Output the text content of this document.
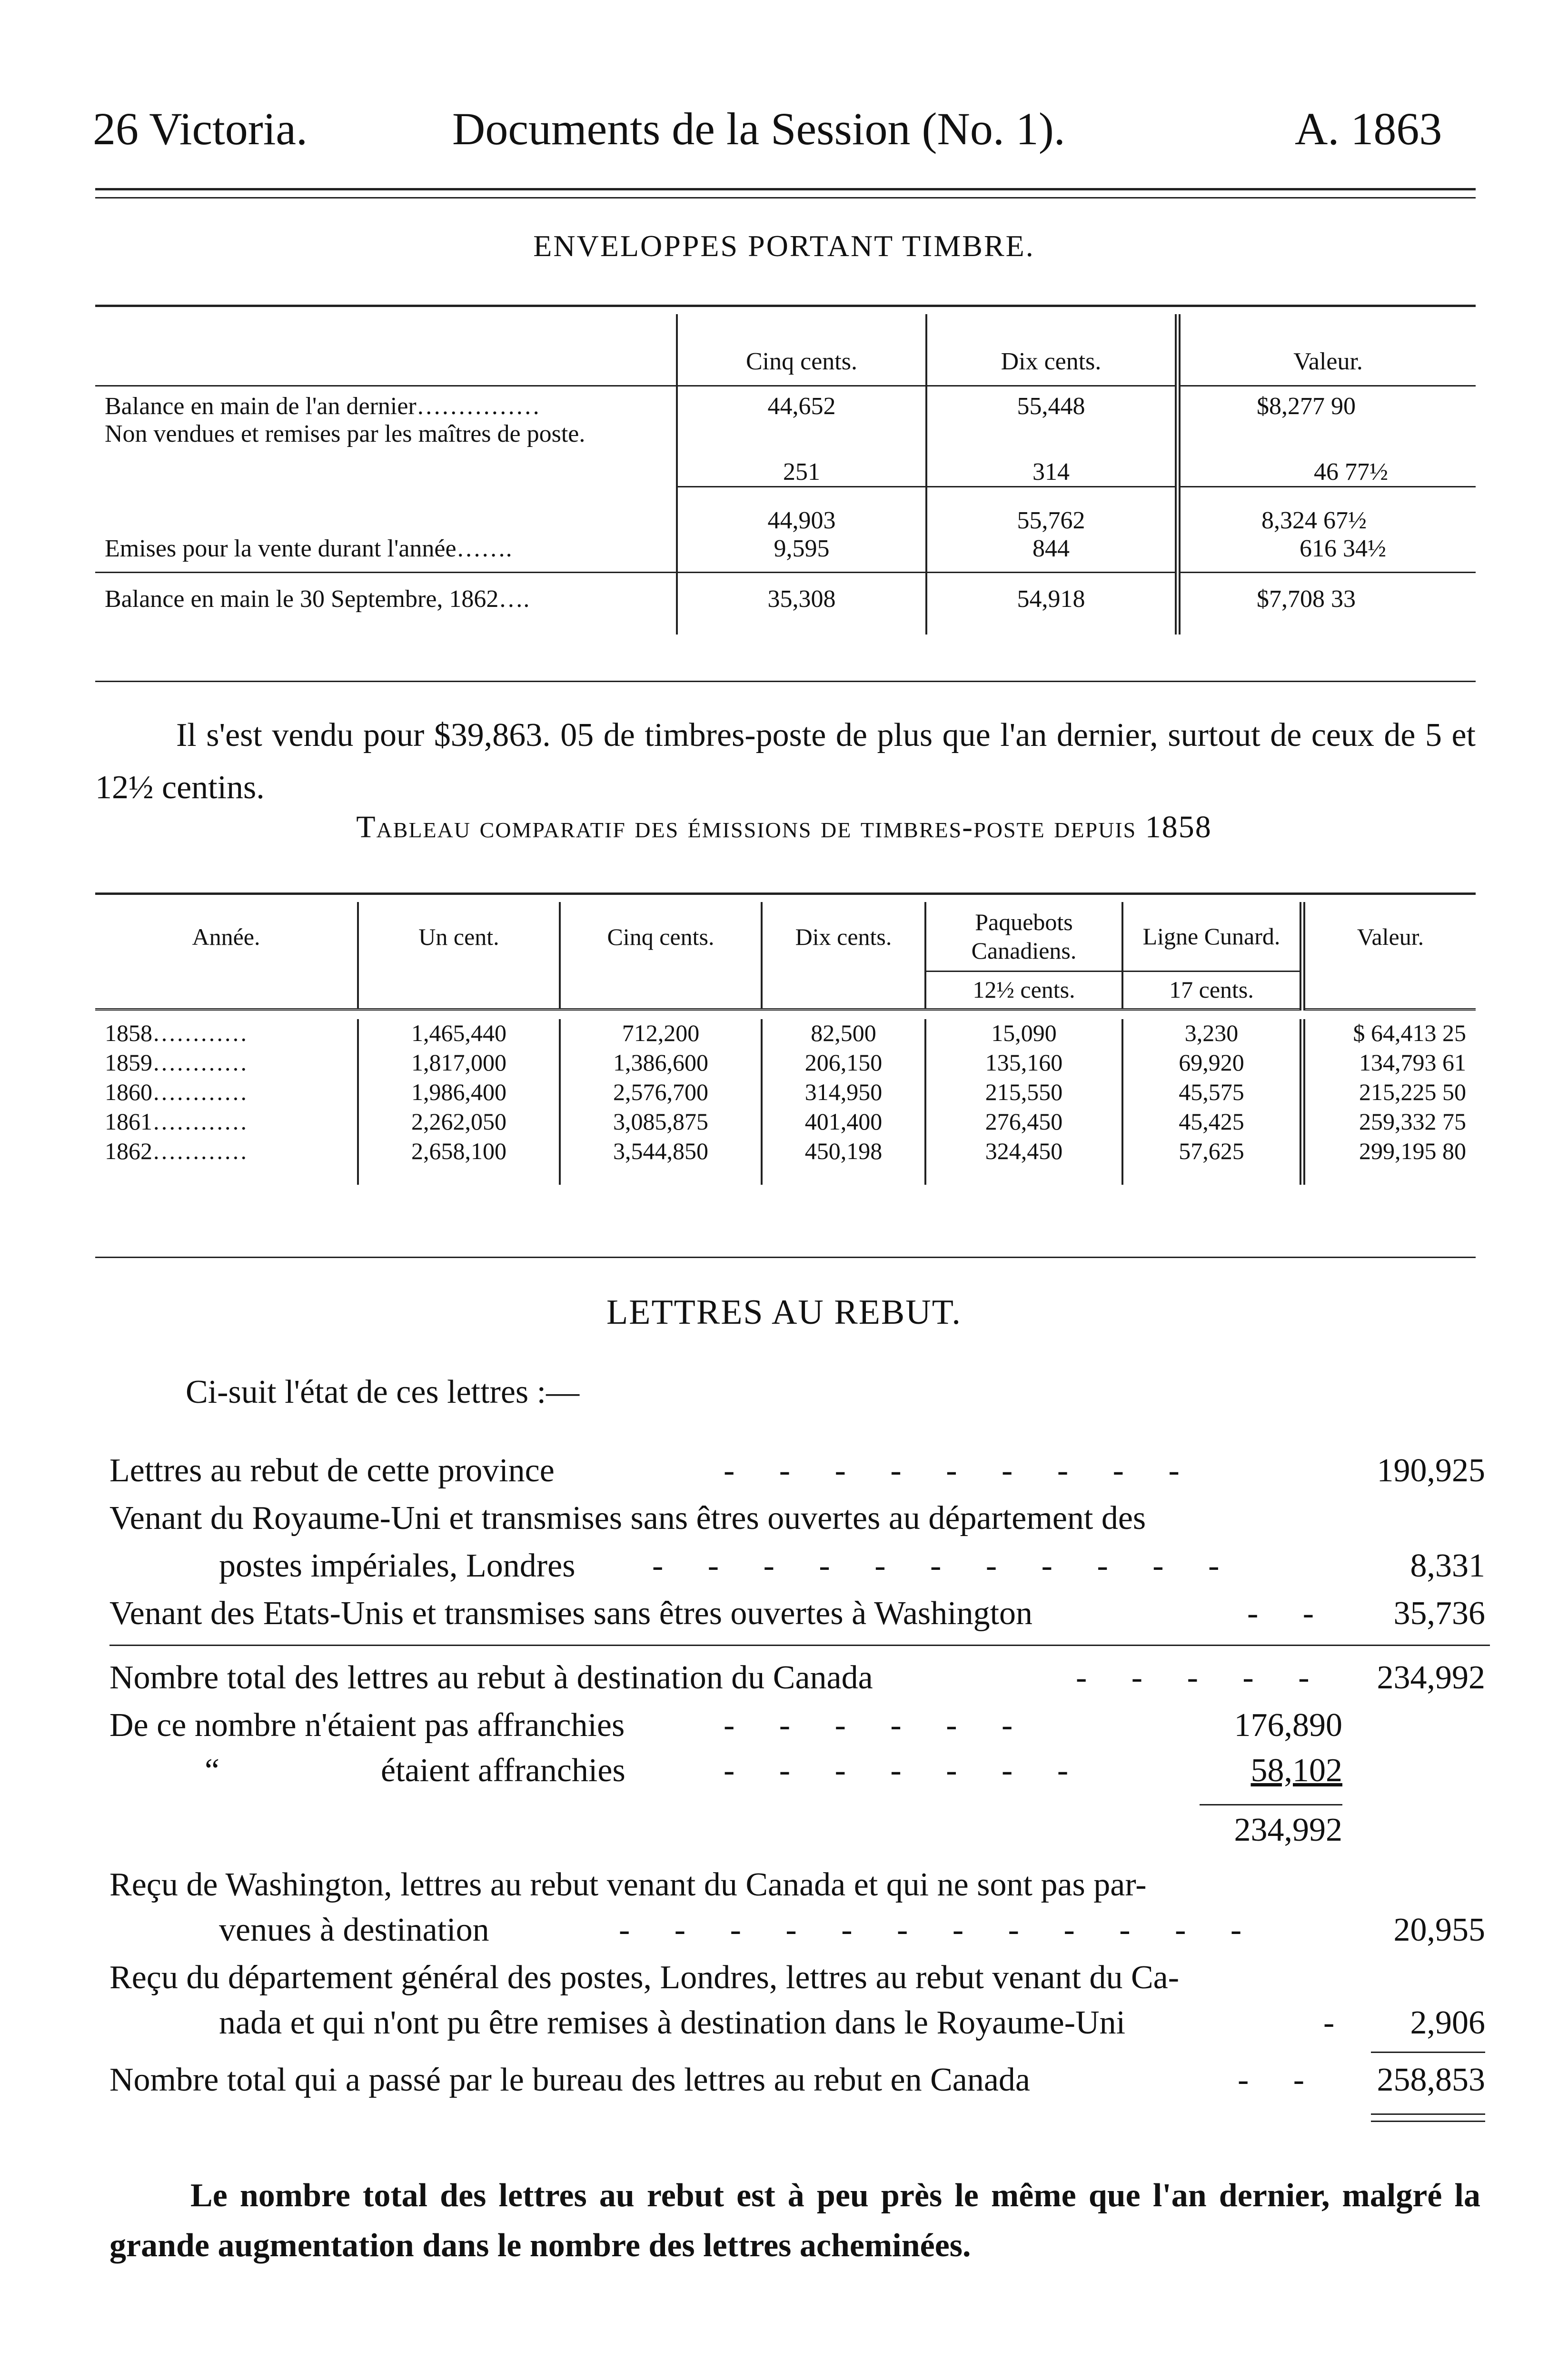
26 Victoria.	Documents de la Session (No. 1).	A. 1863
ENVELOPPES PORTANT TIMBRE.
	Cinq cents.	Dix cents.	Valeur.
Balance en main de l'an dernier……………	44,652	55,448	$8,277 90
Non vendues et remises par les maîtres de poste.	251	314	46 77½
	44,903	55,762	8,324 67½
Emises pour la vente durant l'année…….	9,595	844	616 34½
Balance en main le 30 Septembre, 1862….	35,308	54,918	$7,708 33
Il s'est vendu pour $39,863. 05 de timbres-poste de plus que l'an dernier, surtout de ceux de 5 et 12½ centins.
Tableau comparatif des émissions de timbres-poste depuis 1858
Année.	Un cent.	Cinq cents.	Dix cents.	Paquebots Canadiens.	Ligne Cunard.	Valeur.
				12½ cents.	17 cents.	

1858…………	1,465,440	712,200	82,500	15,090	3,230	$ 64,413 25
1859…………	1,817,000	1,386,600	206,150	135,160	69,920	134,793 61
1860…………	1,986,400	2,576,700	314,950	215,550	45,575	215,225 50
1861…………	2,262,050	3,085,875	401,400	276,450	45,425	259,332 75
1862…………	2,658,100	3,544,850	450,198	324,450	57,625	299,195 80
LETTRES AU REBUT.
Ci-suit l'état de ces lettres :—
Lettres au rebut de cette province	- - - - - - - - -	190,925
Venant du Royaume-Uni et transmises sans êtres ouvertes au département des
postes impériales, Londres - - - - - - - - - - -	8,331
Venant des Etats-Unis et transmises sans êtres ouvertes à Washington	- -	35,736
Nombre total des lettres au rebut à destination du Canada	- - - - -	234,992
De ce nombre n'étaient pas affranchies	- - - - - -	176,890
“	étaient affranchies	- - - - - - -	58,102
234,992
Reçu de Washington, lettres au rebut venant du Canada et qui ne sont pas par-
venues à destination	- - - - - - - - - - - -	20,955
Reçu du département général des postes, Londres, lettres au rebut venant du Ca-
nada et qui n'ont pu être remises à destination dans le Royaume-Uni	-	2,906
Nombre total qui a passé par le bureau des lettres au rebut en Canada	- -	258,853
Le nombre total des lettres au rebut est à peu près le même que l'an dernier, malgré la grande augmentation dans le nombre des lettres acheminées.
